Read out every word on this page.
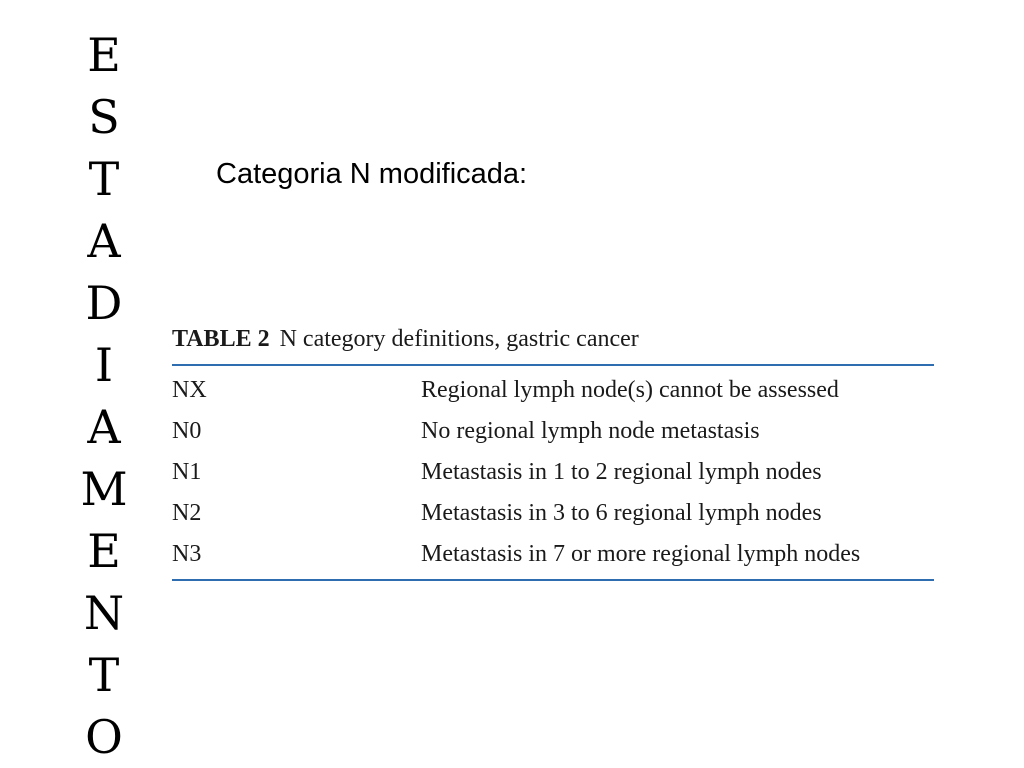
E
S
T
A
D
I
A
M
E
N
T
O
Categoria N modificada:
TABLE 2 N category definitions, gastric cancer
NX	Regional lymph node(s) cannot be assessed
N0	No regional lymph node metastasis
N1	Metastasis in 1 to 2 regional lymph nodes
N2	Metastasis in 3 to 6 regional lymph nodes
N3	Metastasis in 7 or more regional lymph nodes
